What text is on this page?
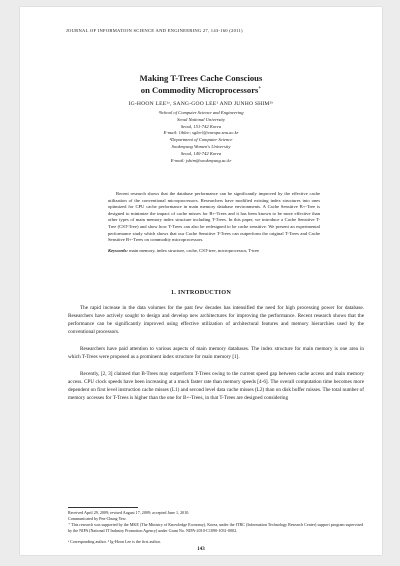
JOURNAL OF INFORMATION SCIENCE AND ENGINEERING 27, 143-160 (2011)

Making T-Trees Cache Conscious
on Commodity Microprocessors+

IG-HOON LEE¹ᵃ, SANG-GOO LEE¹ AND JUNHO SHIM²ᵇ

¹School of Computer Science and Engineering
Seoul National University
Seoul, 151-742 Korea
E-mail: {ihlee; sglee}@europa.snu.ac.kr
²Department of Computer Science
Sookmyung Women's University
Seoul, 140-742 Korea
E-mail: jshim@sookmyung.ac.kr

Recent research shows that the database performance can be significantly improved by the effective cache utilization of the conventional microprocessors. Researchers have modified existing index structures into ones optimized for CPU cache performance in main memory database environments. A Cache Sensitive B+-Tree is designed to minimize the impact of cache misses for B+-Trees and it has been known to be more effective than other types of main memory index structure including T-Trees. In this paper, we introduce a Cache Sensitive T-Tree (CST-Tree) and show how T-Trees can also be redesigned to be cache sensitive. We present an experimental performance study which shows that our Cache Sensitive T-Trees can outperform the original T-Trees and Cache Sensitive B+-Trees on commodity microprocessors.

Keywords: main memory, index structure, cache, CST-tree, microprocessor, T-tree

1. INTRODUCTION

The rapid increase in the data volumes for the past few decades has intensified the need for high processing power for database. Researchers have actively sought to design and develop new architectures for improving the performance. Recent research shows that the performance can be significantly improved using effective utilization of architectural features and memory hierarchies used by the conventional processors.

Researchers have paid attention to various aspects of main memory databases. The index structure for main memory is one area in which T-Trees were proposed as a prominent index structure for main memory [1].

Recently, [2, 3] claimed that B-Trees may outperform T-Trees owing to the current speed gap between cache access and main memory access. CPU clock speeds have been increasing at a much faster rate than memory speeds [4-6]. The overall computation time becomes more dependent on first level instruction cache misses (L1) and second level data cache misses (L2) than on disk buffer misses. The total number of memory accesses for T-Trees is higher than the one for B+-Trees, in that T-Trees are designed considering

Received April 29, 2009; revised August 17, 2009; accepted June 1, 2010.

Communicated by Pen-Chung Yew.

⁺ This research was supported by the MKE (The Ministry of Knowledge Economy), Korea, under the ITRC (Information Technology Research Center) support program supervised by the NIPA (National IT Industry Promotion Agency) under Grant No. NIPA-2010-C1090-1031-0002.

ᵃ Corresponding author. ᵇ Ig-Hoon Lee is the first author.

143
